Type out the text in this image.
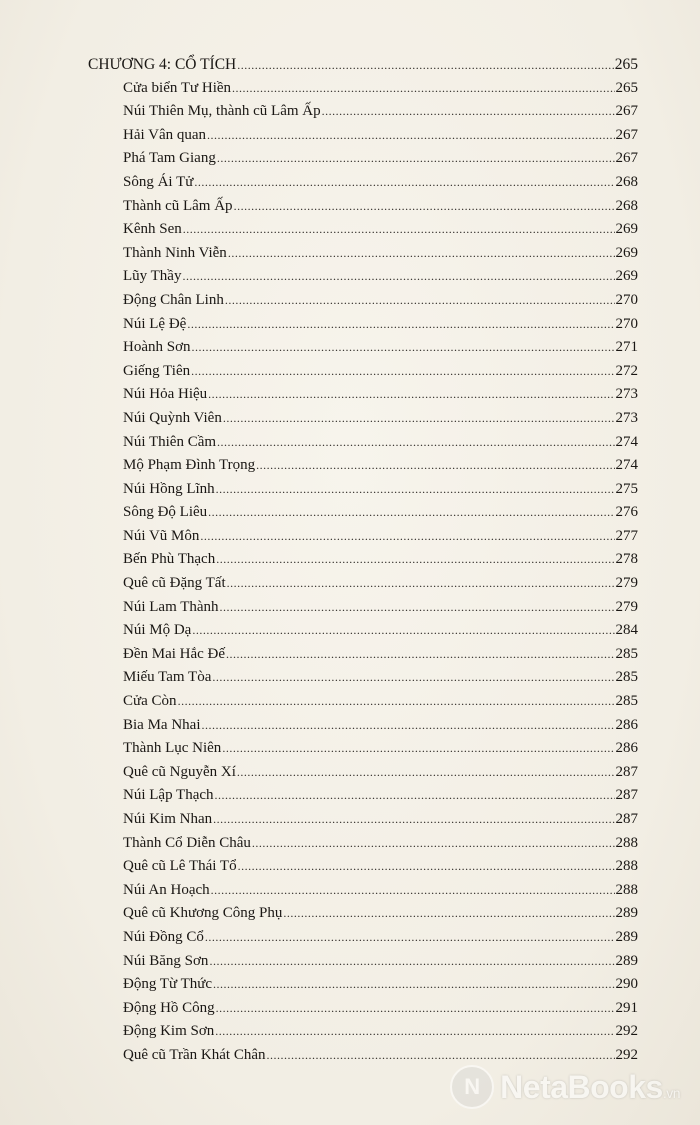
CHƯƠNG 4: CỔ TÍCH .....	265
Cửa biển Tư Hiền .....	265
Núi Thiên Mụ, thành cũ Lâm Ấp .....	267
Hải Vân quan .....	267
Phá Tam Giang .....	267
Sông Ái Tử .....	268
Thành cũ Lâm Ấp .....	268
Kênh Sen .....	269
Thành Ninh Viễn .....	269
Lũy Thầy .....	269
Động Chân Linh .....	270
Núi Lệ Đệ .....	270
Hoành Sơn .....	271
Giếng Tiên .....	272
Núi Hỏa Hiệu .....	273
Núi Quỳnh Viên .....	273
Núi Thiên Cầm .....	274
Mộ Phạm Đình Trọng .....	274
Núi Hồng Lĩnh .....	275
Sông Độ Liêu .....	276
Núi Vũ Môn .....	277
Bến Phù Thạch .....	278
Quê cũ Đặng Tất .....	279
Núi Lam Thành .....	279
Núi Mộ Dạ .....	284
Đền Mai Hắc Đế .....	285
Miếu Tam Tòa .....	285
Cửa Còn .....	285
Bia Ma Nhai .....	286
Thành Lục Niên .....	286
Quê cũ Nguyễn Xí .....	287
Núi Lập Thạch .....	287
Núi Kim Nhan .....	287
Thành Cổ Diễn Châu .....	288
Quê cũ Lê Thái Tổ .....	288
Núi An Hoạch .....	288
Quê cũ Khương Công Phụ .....	289
Núi Đồng Cổ .....	289
Núi Băng Sơn .....	289
Động Từ Thức .....	290
Động Hồ Công .....	291
Động Kim Sơn .....	292
Quê cũ Trần Khát Chân .....	292
N NetaBooks.vn
